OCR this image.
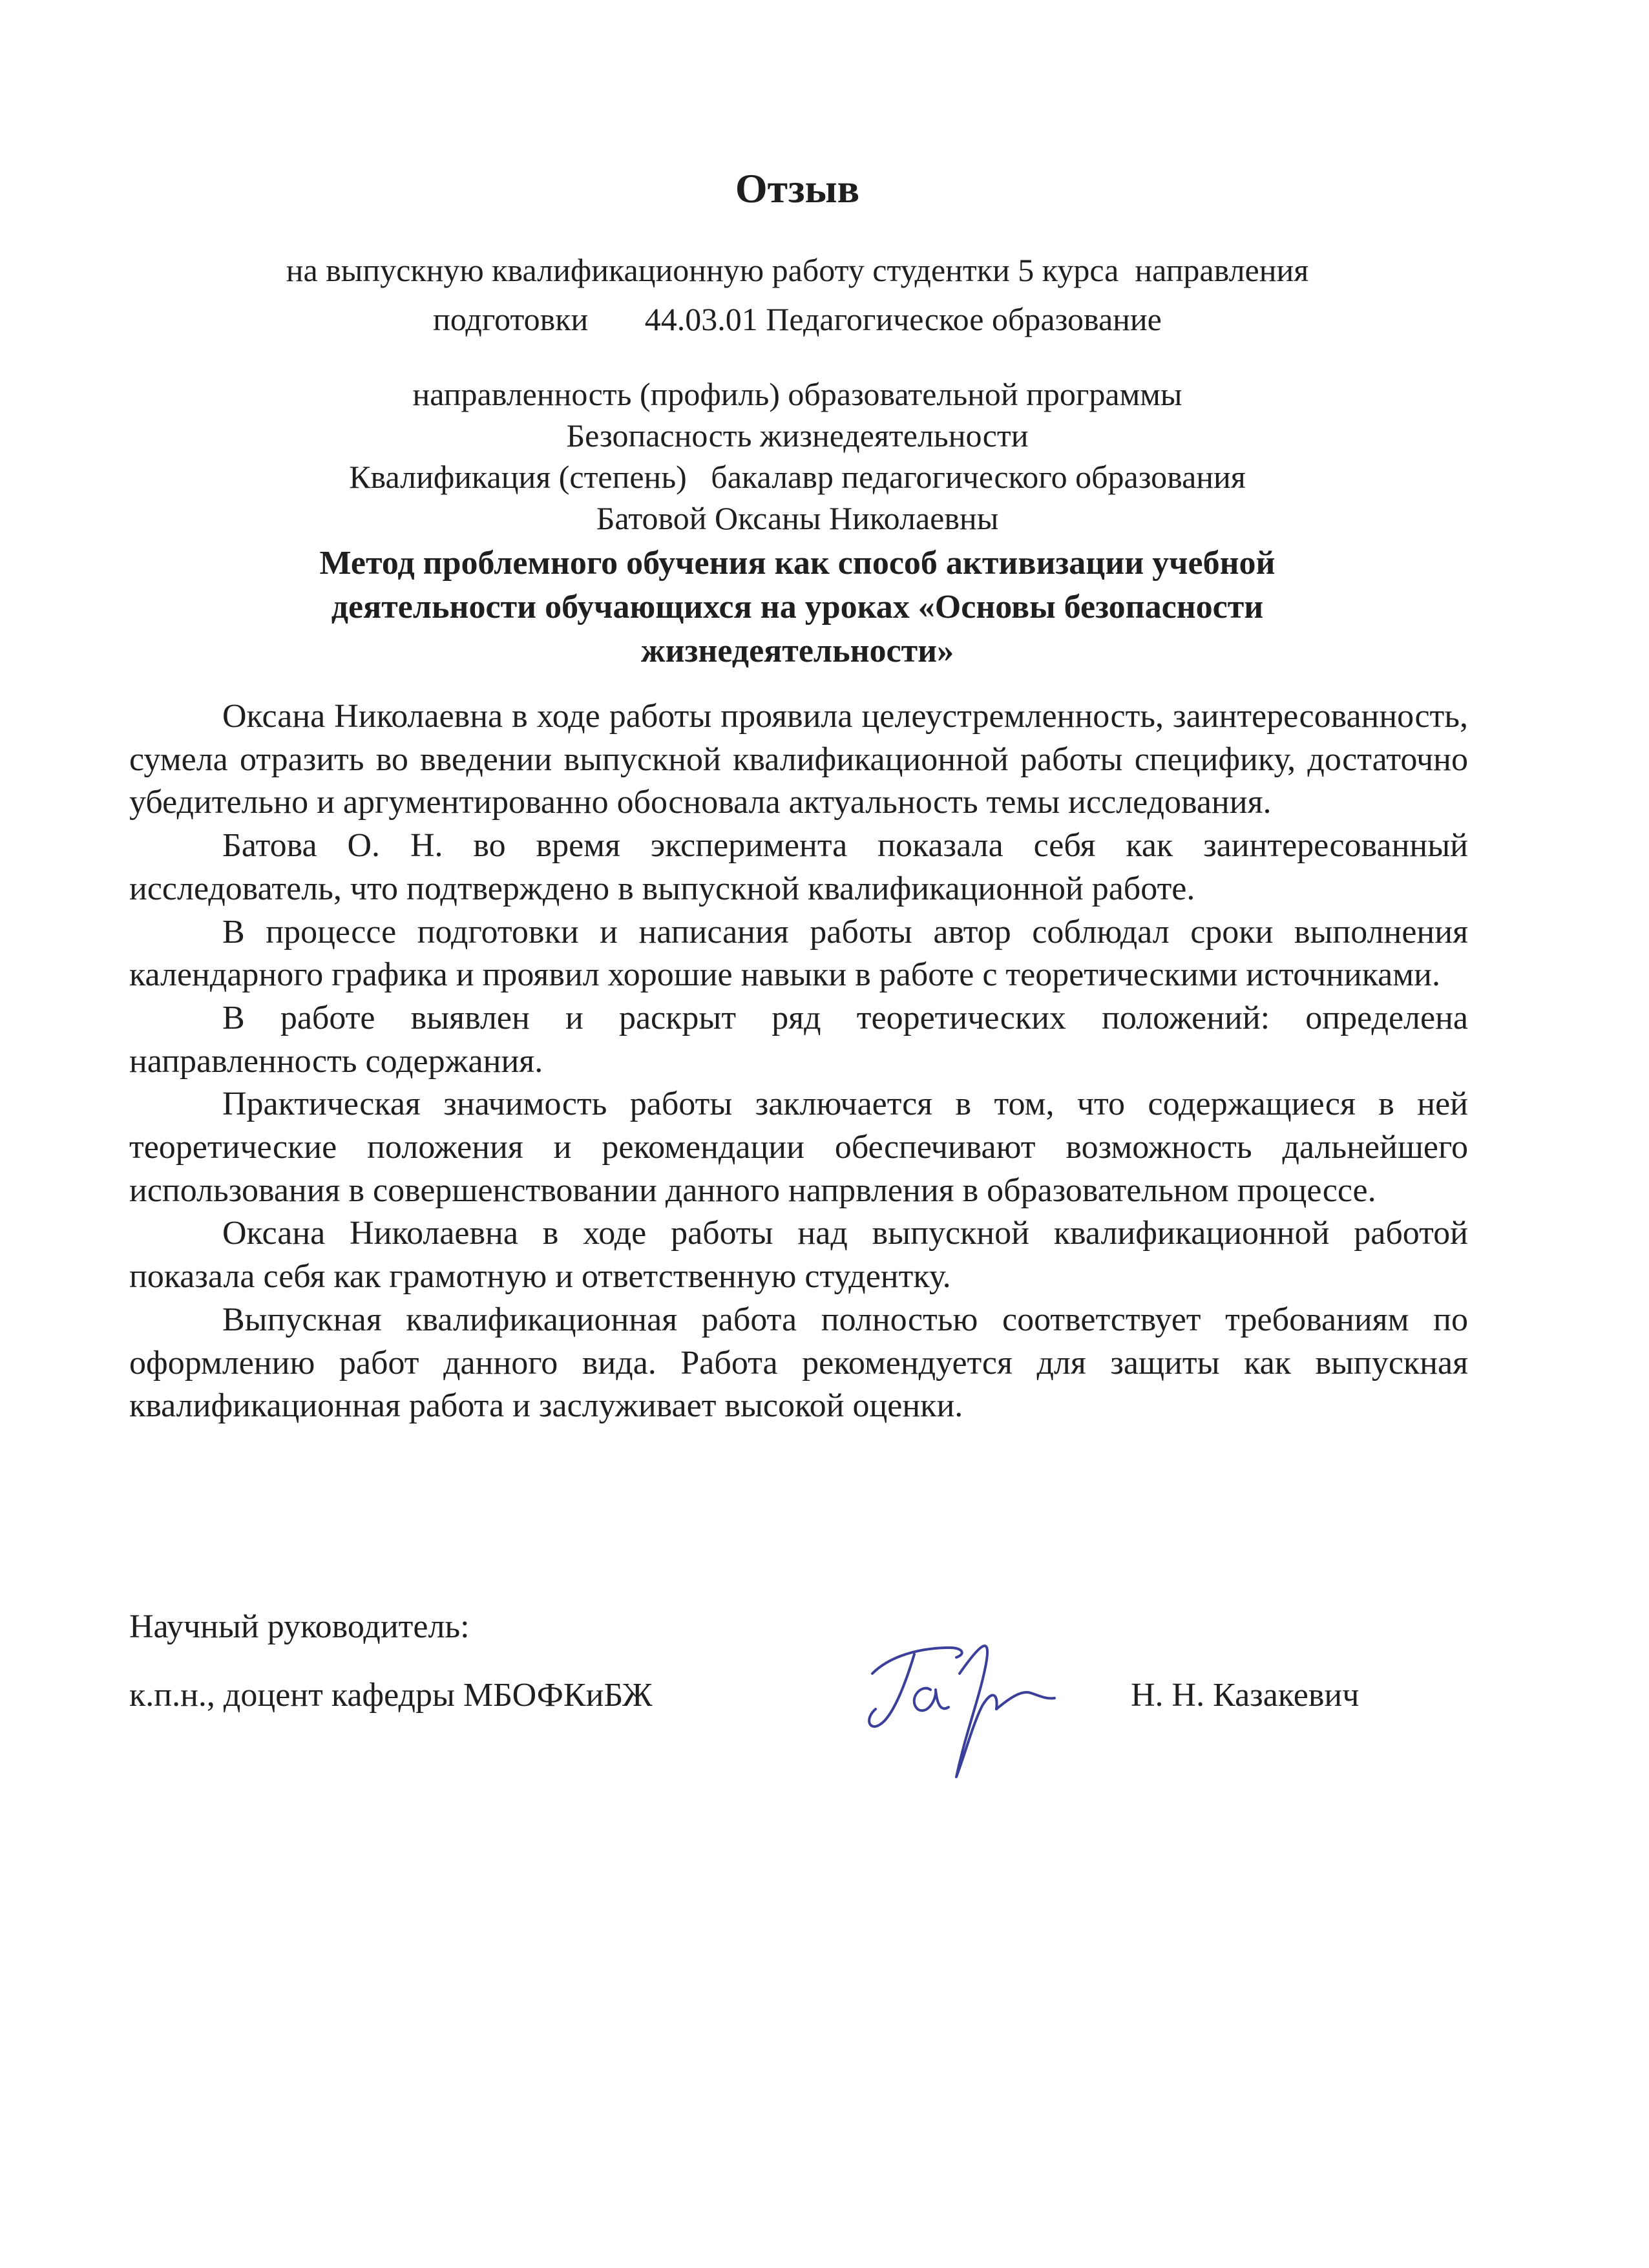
Отзыв
на выпускную квалификационную работу студентки 5 курса  направления
подготовки       44.03.01 Педагогическое образование
направленность (профиль) образовательной программы
Безопасность жизнедеятельности
Квалификация (степень)   бакалавр педагогического образования
Батовой Оксаны Николаевны
Метод проблемного обучения как способ активизации учебной
деятельности обучающихся на уроках «Основы безопасности
жизнедеятельности»

Оксана Николаевна в ходе работы проявила целеустремленность, заинтересованность, сумела отразить во введении выпускной квалификационной работы специфику, достаточно убедительно и аргументированно обосновала актуальность темы исследования.

Батова О. Н. во время эксперимента показала себя как заинтересованный исследователь, что подтверждено в выпускной квалификационной работе.

В процессе подготовки и написания работы автор соблюдал сроки выполнения календарного графика и проявил хорошие навыки в работе с теоретическими источниками.

В работе выявлен и раскрыт ряд теоретических положений: определена направленность содержания.

Практическая значимость работы заключается в том, что содержащиеся в ней теоретические положения и рекомендации обеспечивают возможность дальнейшего использования в совершенствовании данного напрвления в образовательном процессе.

Оксана Николаевна в ходе работы над выпускной квалификационной работой показала себя как грамотную и ответственную студентку.

Выпускная квалификационная работа полностью соответствует требованиям по оформлению работ данного вида. Работа рекомендуется для защиты как выпускная квалификационная работа и заслуживает высокой оценки.

Научный руководитель:
к.п.н., доцент кафедры МБОФКиБЖ	Н. Н. Казакевич
